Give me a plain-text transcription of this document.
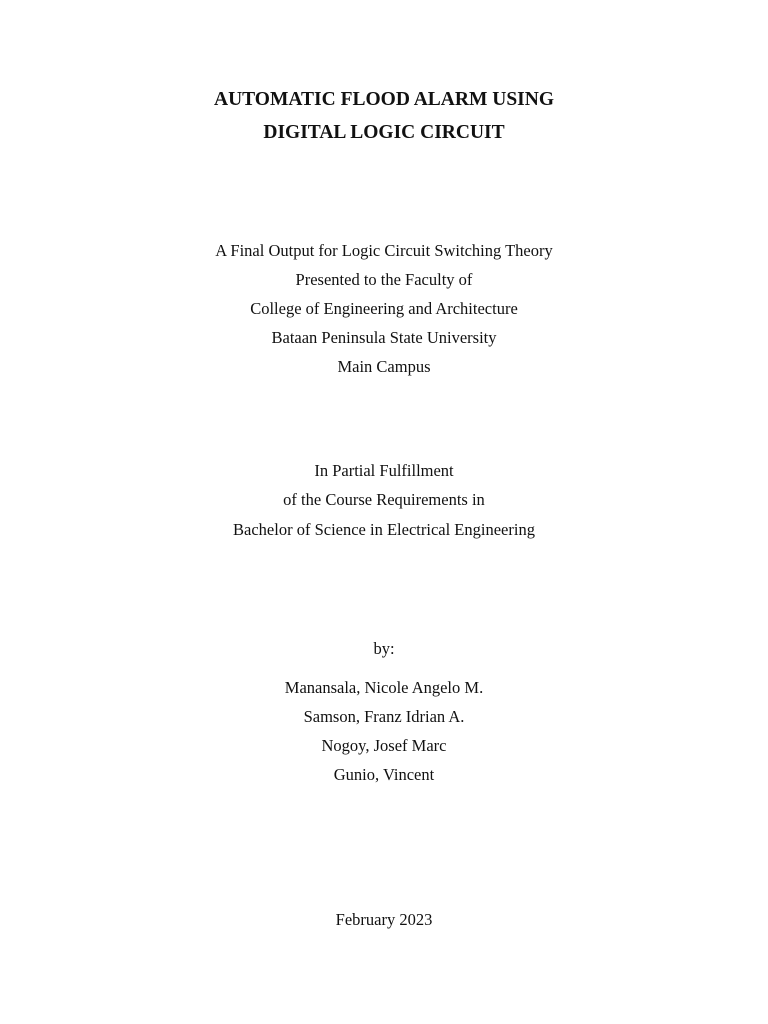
AUTOMATIC FLOOD ALARM USING
DIGITAL LOGIC CIRCUIT
A Final Output for Logic Circuit Switching Theory
Presented to the Faculty of
College of Engineering and Architecture
Bataan Peninsula State University
Main Campus
In Partial Fulfillment
of the Course Requirements in
Bachelor of Science in Electrical Engineering
by:
Manansala, Nicole Angelo M.
Samson, Franz Idrian A.
Nogoy, Josef Marc
Gunio, Vincent
February 2023
